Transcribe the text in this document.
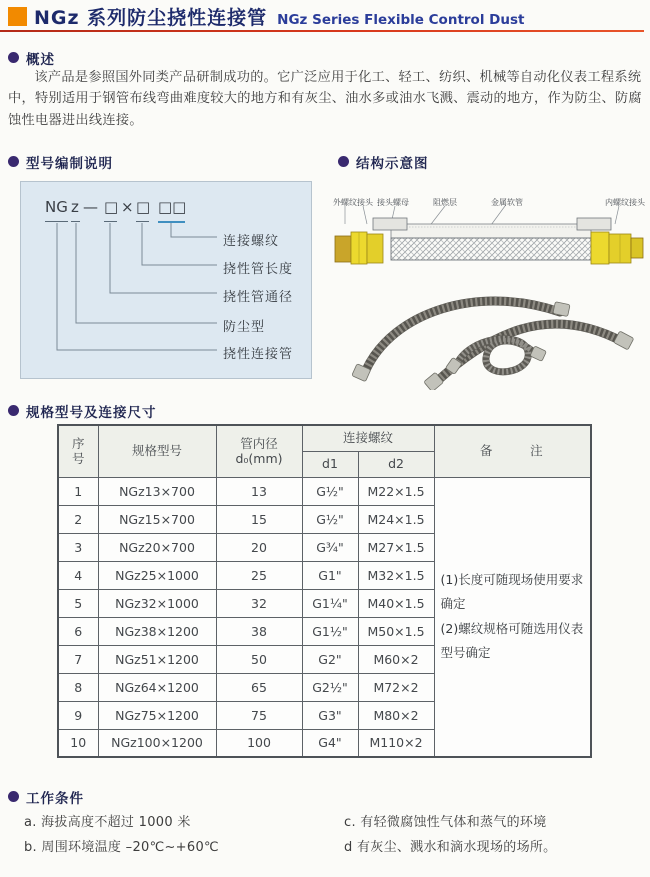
NGz 系列防尘挠性连接管 NGz Series Flexible Control Dust
概述
该产品是参照国外同类产品研制成功的。它广泛应用于化工、轻工、纺织、机械等自动化仪表工程系统中，特别适用于钢管布线弯曲难度较大的地方和有灰尘、油水多或油水飞溅、震动的地方，作为防尘、防腐蚀性电器进出线连接。
型号编制说明
NG z — □ × □ □□
连接螺纹
挠性管长度
挠性管通径
防尘型
挠性连接管
结构示意图
外螺纹接头 接头螺母	阻燃层	金属软管	内螺纹接头
规格型号及连接尺寸
序号	规格型号	管内径
d₀(mm)	连接螺纹		备      注
			d1	d2	
1	NGz13×700	13	G½"	M22×1.5	(1)长度可随现场使用要求确定
(2)螺纹规格可随选用仪表型号确定

2	NGz15×700	15	G½"	M24×1.5	
3	NGz20×700	20	G¾"	M27×1.5	
4	NGz25×1000	25	G1"	M32×1.5	
5	NGz32×1000	32	G1¼"	M40×1.5	
6	NGz38×1200	38	G1½"	M50×1.5	
7	NGz51×1200	50	G2"	M60×2	
8	NGz64×1200	65	G2½"	M72×2	
9	NGz75×1200	75	G3"	M80×2	
10	NGz100×1200	100	G4"	M110×2	
工作条件
a. 海拔高度不超过 1000 米
b. 周围环境温度 –20℃~+60℃
c. 有轻微腐蚀性气体和蒸气的环境
d 有灰尘、溅水和滴水现场的场所。
